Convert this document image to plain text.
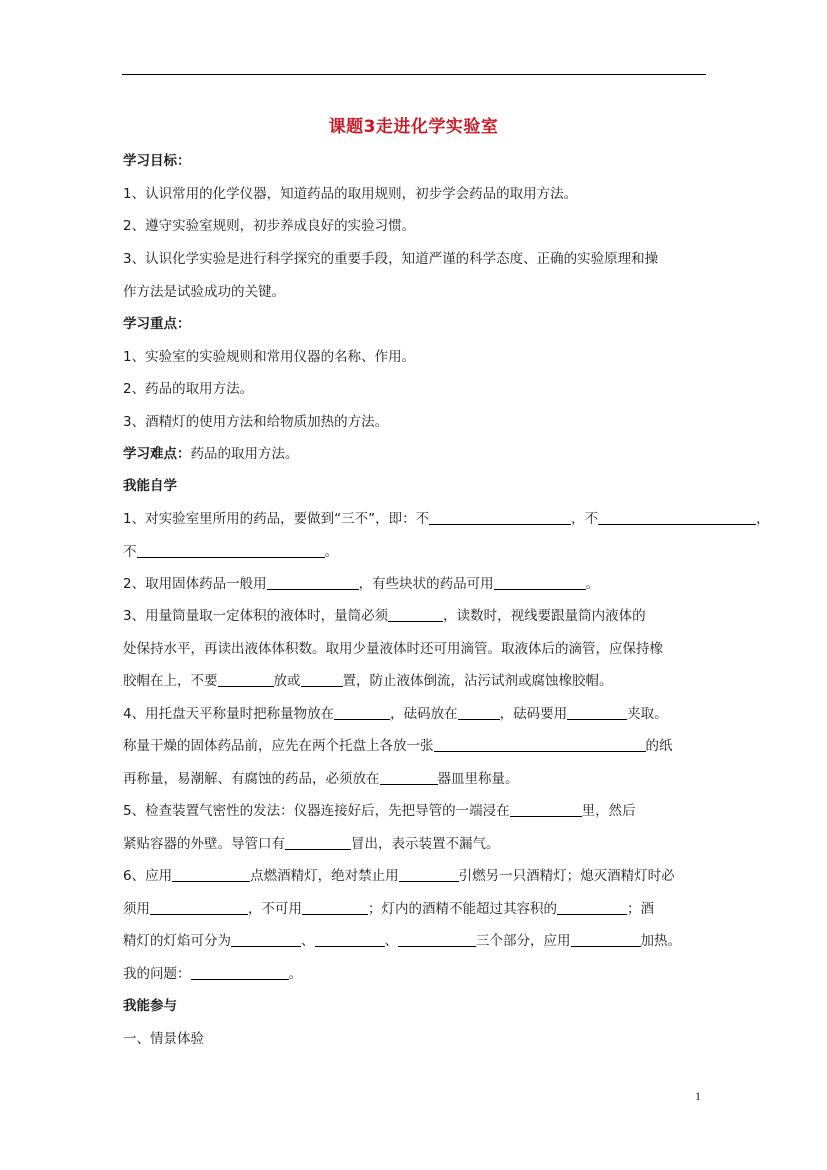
课题3走进化学实验室
学习目标：
1、认识常用的化学仪器，知道药品的取用规则，初步学会药品的取用方法。
2、遵守实验室规则，初步养成良好的实验习惯。
3、认识化学实验是进行科学探究的重要手段，知道严谨的科学态度、正确的实验原理和操
作方法是试验成功的关键。
学习重点：
1、实验室的实验规则和常用仪器的名称、作用。
2、药品的取用方法。
3、酒精灯的使用方法和给物质加热的方法。
学习难点：药品的取用方法。
我能自学
1、对实验室里所用的药品，要做到“三不”，即：不	，不	，
不	。
2、取用固体药品一般用	，有些块状的药品可用	。
3、用量筒量取一定体积的液体时，量筒必须	，读数时，视线要跟量筒内液体的
处保持水平，再读出液体体积数。取用少量液体时还可用滴管。取液体后的滴管，应保持橡
胶帽在上，不要	放或	置，防止液体倒流，沾污试剂或腐蚀橡胶帽。
4、用托盘天平称量时把称量物放在	，砝码放在	，砝码要用	夹取。
称量干燥的固体药品前，应先在两个托盘上各放一张	的纸
再称量，易潮解、有腐蚀的药品，必须放在	器皿里称量。
5、检查装置气密性的发法：仪器连接好后，先把导管的一端浸在	里，然后
紧贴容器的外壁。导管口有	冒出，表示装置不漏气。
6、应用	点燃酒精灯，绝对禁止用	引燃另一只酒精灯；熄灭酒精灯时必
须用	，不可用	；灯内的酒精不能超过其容积的	；酒
精灯的灯焰可分为	、	、	三个部分，应用	加热。
我的问题：	。
我能参与
一、情景体验
1
